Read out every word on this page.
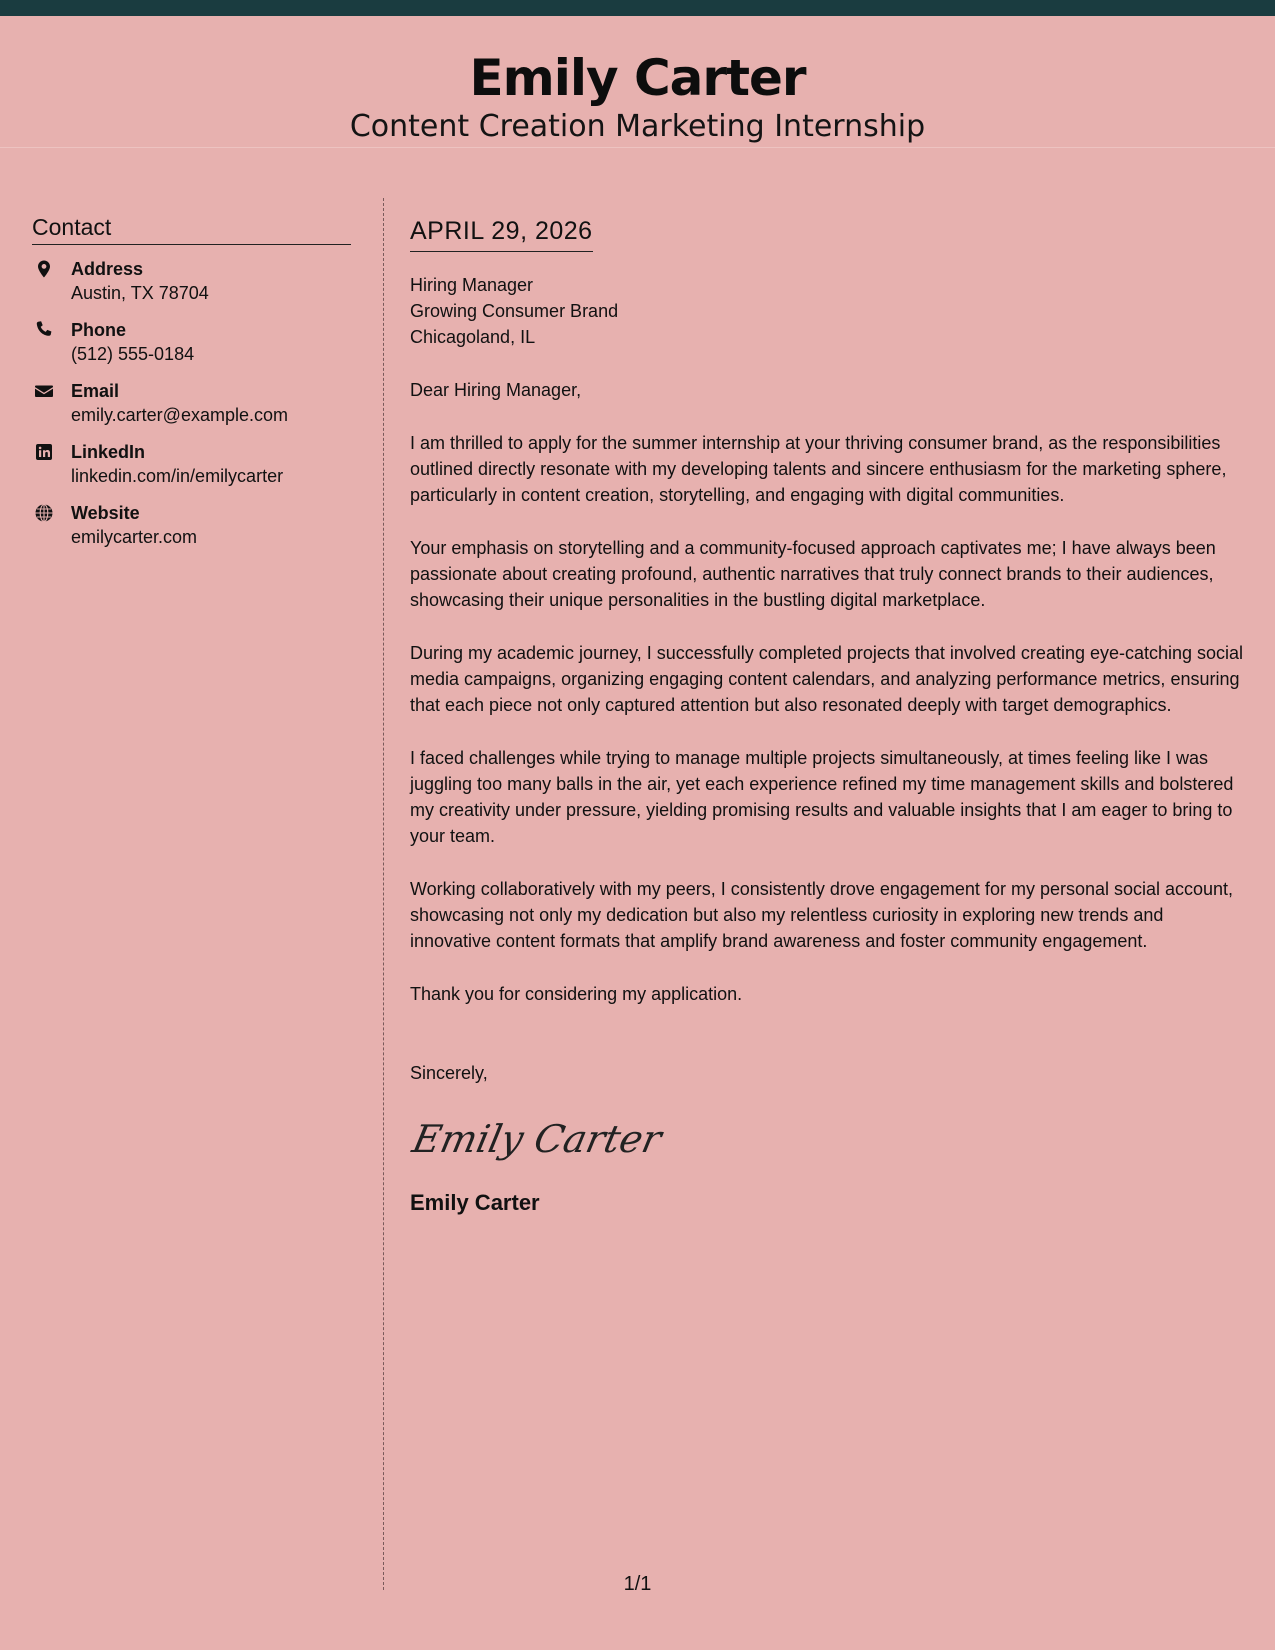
Emily Carter
Content Creation Marketing Internship
Contact
Address
Austin, TX 78704
Phone
(512) 555-0184
Email
emily.carter@example.com
LinkedIn
linkedin.com/in/emilycarter
Website
emilycarter.com
APRIL 29, 2026
Hiring Manager
Growing Consumer Brand
Chicagoland, IL

Dear Hiring Manager,

I am thrilled to apply for the summer internship at your thriving consumer brand, as the responsibilities outlined directly resonate with my developing talents and sincere enthusiasm for the marketing sphere, particularly in content creation, storytelling, and engaging with digital communities.

Your emphasis on storytelling and a community-focused approach captivates me; I have always been passionate about creating profound, authentic narratives that truly connect brands to their audiences, showcasing their unique personalities in the bustling digital marketplace.

During my academic journey, I successfully completed projects that involved creating eye-catching social media campaigns, organizing engaging content calendars, and analyzing performance metrics, ensuring that each piece not only captured attention but also resonated deeply with target demographics.

I faced challenges while trying to manage multiple projects simultaneously, at times feeling like I was juggling too many balls in the air, yet each experience refined my time management skills and bolstered my creativity under pressure, yielding promising results and valuable insights that I am eager to bring to your team.

Working collaboratively with my peers, I consistently drove engagement for my personal social account, showcasing not only my dedication but also my relentless curiosity in exploring new trends and innovative content formats that amplify brand awareness and foster community engagement.

Thank you for considering my application.

Sincerely,
Emily Carter
Emily Carter
1/1
